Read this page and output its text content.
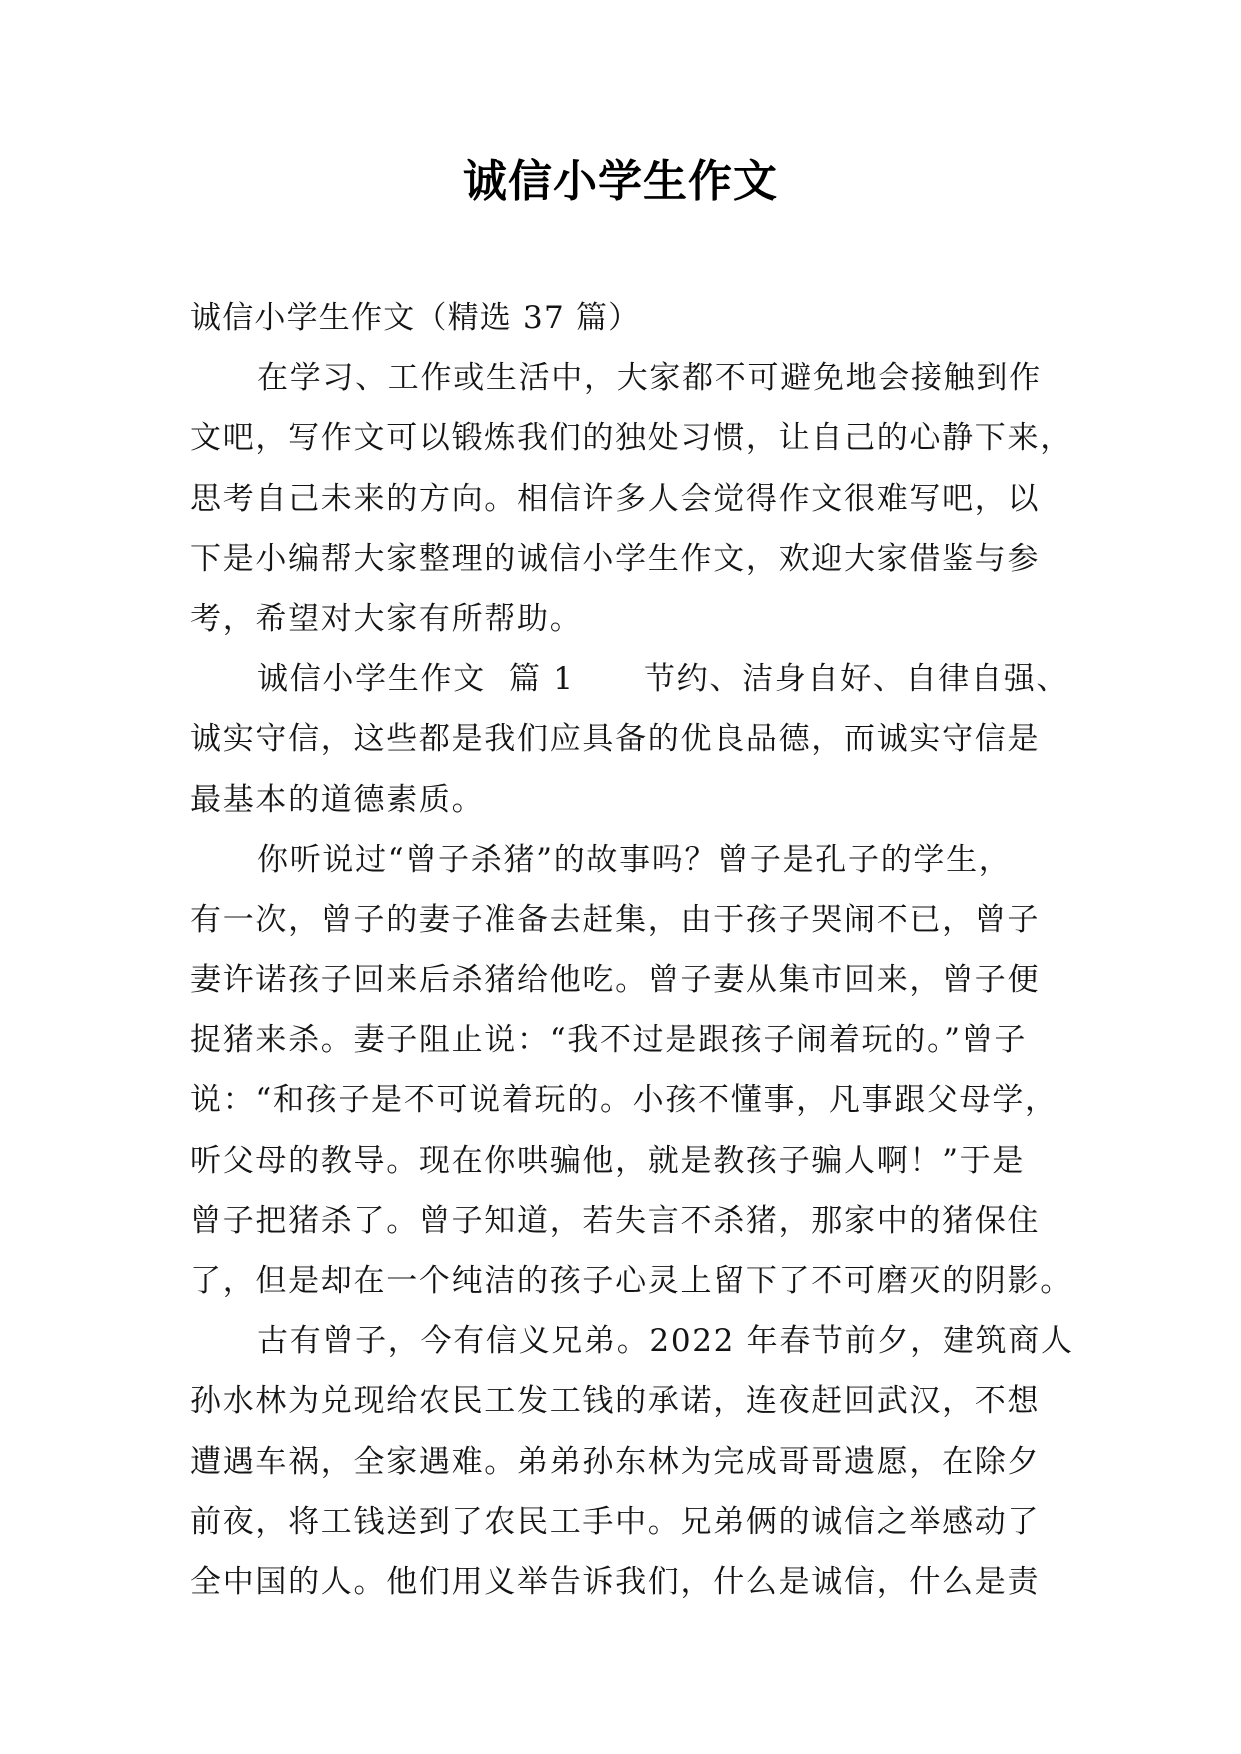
诚信小学生作文
诚信小学生作文（精选 37 篇）
在学习、工作或生活中，大家都不可避免地会接触到作
文吧，写作文可以锻炼我们的独处习惯，让自己的心静下来，
思考自己未来的方向。相信许多人会觉得作文很难写吧，以
下是小编帮大家整理的诚信小学生作文，欢迎大家借鉴与参
考，希望对大家有所帮助。
诚信小学生作文  篇 1      节约、洁身自好、自律自强、
诚实守信，这些都是我们应具备的优良品德，而诚实守信是
最基本的道德素质。
你听说过“曾子杀猪”的故事吗？曾子是孔子的学生，
有一次，曾子的妻子准备去赶集，由于孩子哭闹不已，曾子
妻许诺孩子回来后杀猪给他吃。曾子妻从集市回来，曾子便
捉猪来杀。妻子阻止说：“我不过是跟孩子闹着玩的。”曾子
说：“和孩子是不可说着玩的。小孩不懂事，凡事跟父母学，
听父母的教导。现在你哄骗他，就是教孩子骗人啊！”于是
曾子把猪杀了。曾子知道，若失言不杀猪，那家中的猪保住
了，但是却在一个纯洁的孩子心灵上留下了不可磨灭的阴影。
古有曾子，今有信义兄弟。2022 年春节前夕，建筑商人
孙水林为兑现给农民工发工钱的承诺，连夜赶回武汉，不想
遭遇车祸，全家遇难。弟弟孙东林为完成哥哥遗愿，在除夕
前夜，将工钱送到了农民工手中。兄弟俩的诚信之举感动了
全中国的人。他们用义举告诉我们，什么是诚信，什么是责
